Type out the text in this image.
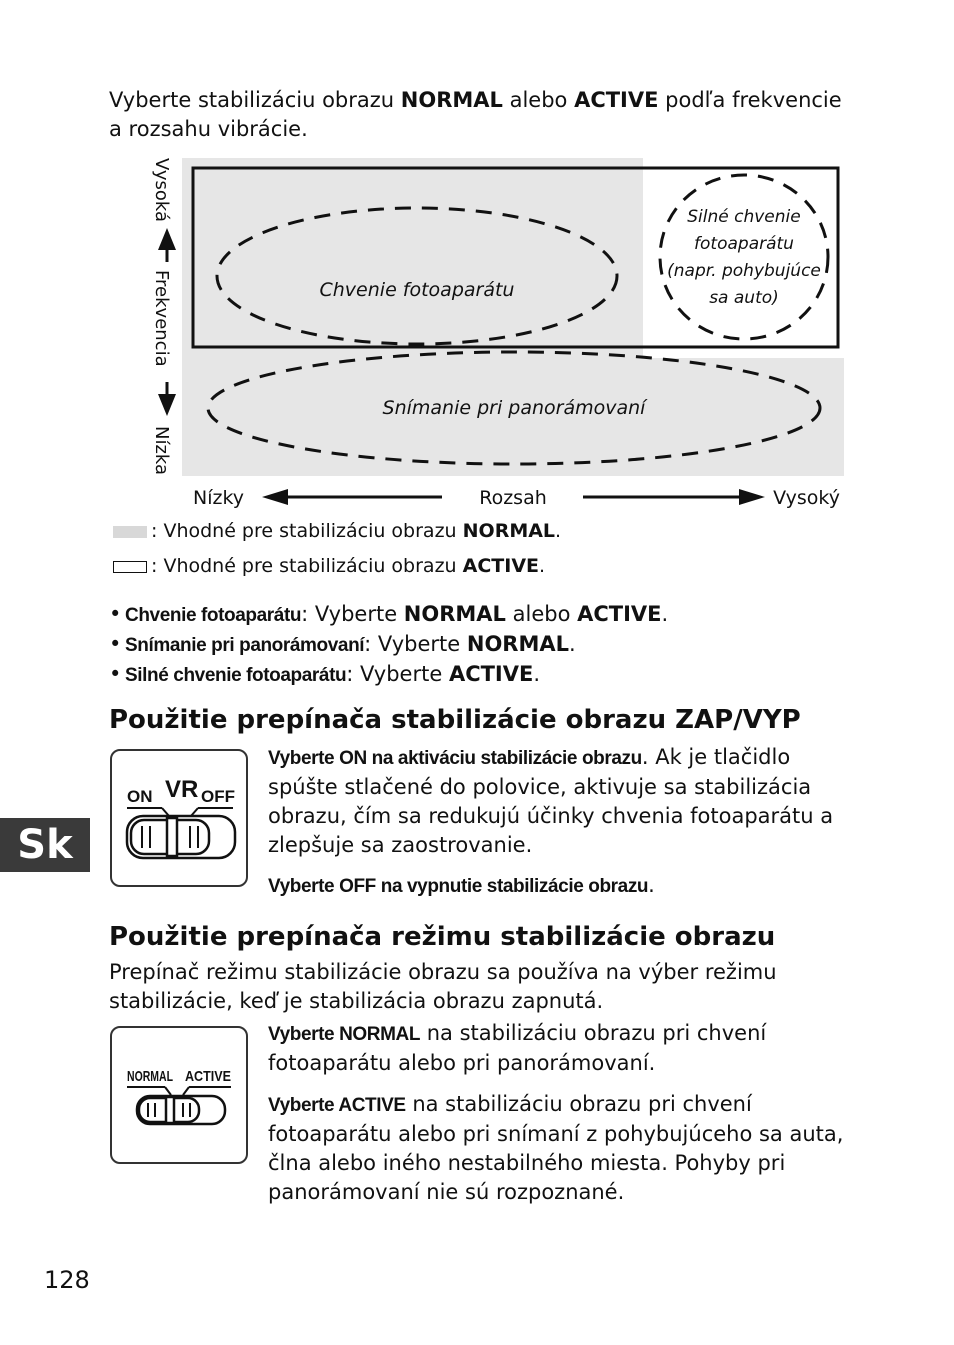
Vyberte stabilizáciu obrazu NORMAL alebo ACTIVE podľa frekvencie a rozsahu vibrácie.
Chvenie fotoaparátu
Snímanie pri panorámovaní
Silné chvenie
fotoaparátu
(napr. pohybujúce
sa auto)
Vysoká
Frekvencia
Nízka
Nízky	Rozsah	Vysoký
: Vhodné pre stabilizáciu obrazu NORMAL.
: Vhodné pre stabilizáciu obrazu ACTIVE.
• Chvenie fotoaparátu: Vyberte NORMAL alebo ACTIVE.
• Snímanie pri panorámovaní: Vyberte NORMAL.
• Silné chvenie fotoaparátu: Vyberte ACTIVE.
Použitie prepínača stabilizácie obrazu ZAP/VYP
ON VR OFF
Vyberte ON na aktiváciu stabilizácie obrazu. Ak je tlačidlo spúšte stlačené do polovice, aktivuje sa stabilizácia obrazu, čím sa redukujú účinky chvenia fotoaparátu a zlepšuje sa zaostrovanie.
Vyberte OFF na vypnutie stabilizácie obrazu.
Použitie prepínača režimu stabilizácie obrazu
Prepínač režimu stabilizácie obrazu sa používa na výber režimu stabilizácie, keď je stabilizácia obrazu zapnutá.
NORMAL ACTIVE
Vyberte NORMAL na stabilizáciu obrazu pri chvení fotoaparátu alebo pri panorámovaní.
Vyberte ACTIVE na stabilizáciu obrazu pri chvení fotoaparátu alebo pri snímaní z pohybujúceho sa auta, člna alebo iného nestabilného miesta. Pohyby pri panorámovaní nie sú rozpoznané.
Sk
128
